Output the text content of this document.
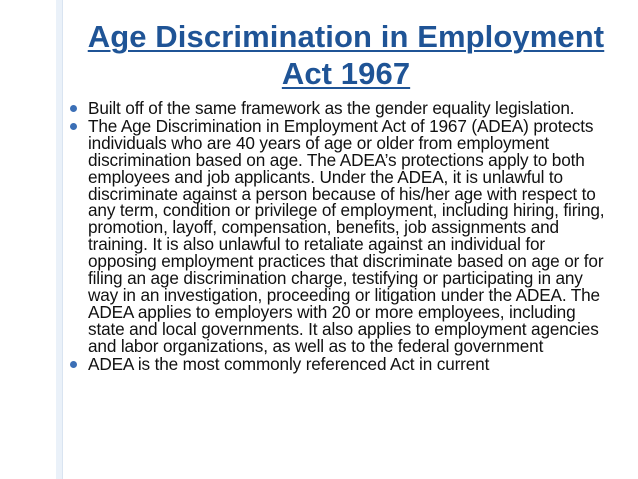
Age Discrimination in Employment
Act 1967
Built off of the same framework as the gender equality legislation.
The Age Discrimination in Employment Act of 1967 (ADEA) protects individuals who are 40 years of age or older from employment discrimination based on age. The ADEA’s protections apply to both employees and job applicants. Under the ADEA, it is unlawful to discriminate against a person because of his/her age with respect to any term, condition or privilege of employment, including hiring, firing, promotion, layoff, compensation, benefits, job assignments and training. It is also unlawful to retaliate against an individual for opposing employment practices that discriminate based on age or for filing an age discrimination charge, testifying or participating in any way in an investigation, proceeding or litigation under the ADEA. The ADEA applies to employers with 20 or more employees, including state and local governments. It also applies to employment agencies and labor organizations, as well as to the federal government
ADEA is the most commonly referenced Act in current
